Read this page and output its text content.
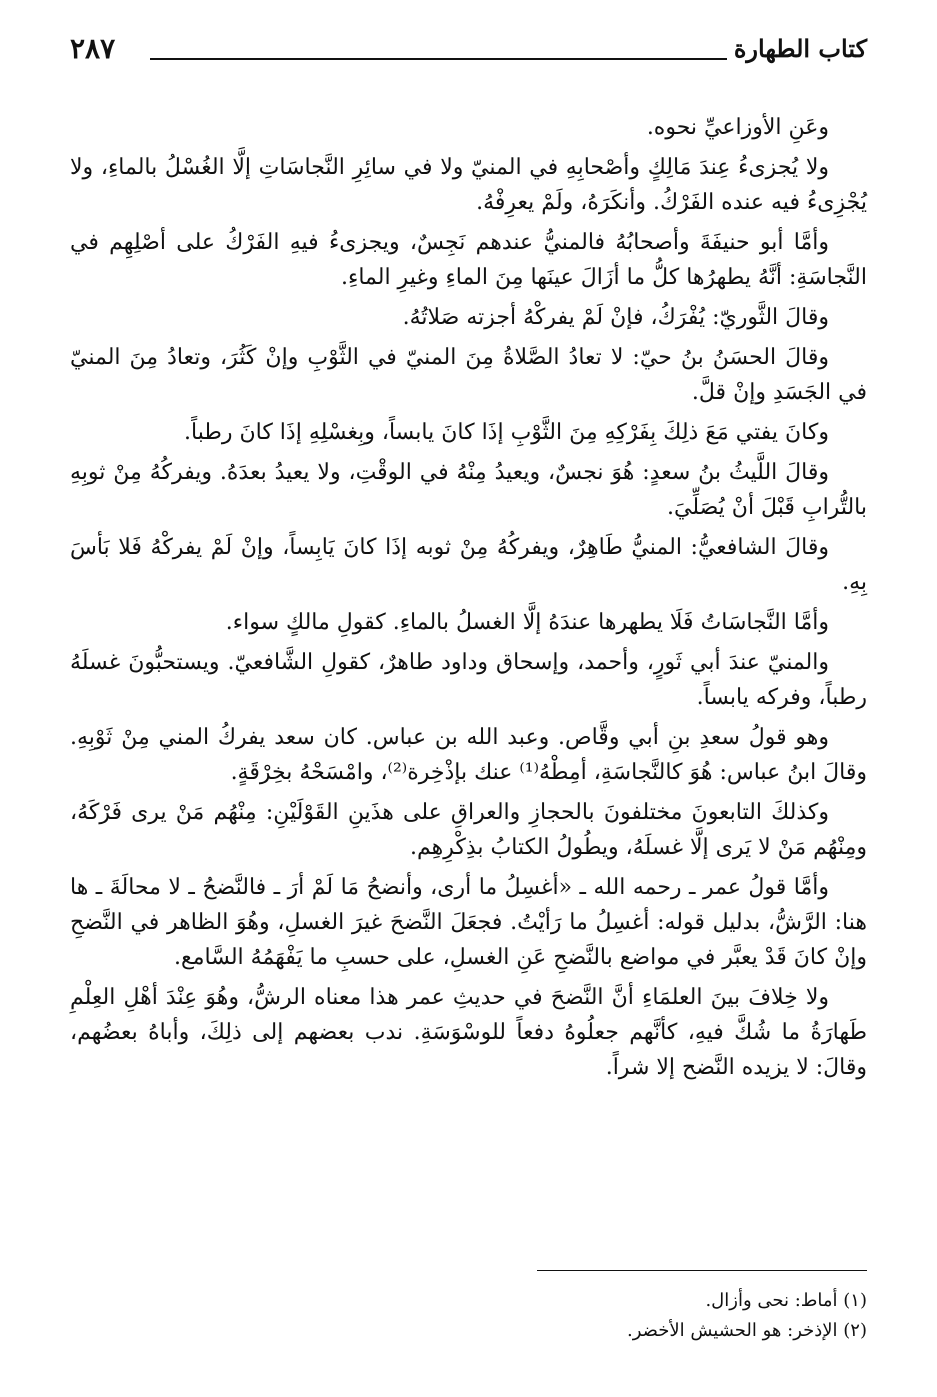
كتاب الطهارة
٢٨٧

وعَنِ الأوزاعيِّ نحوه.

ولا يُجزىءُ عِندَ مَالِكٍ وأصْحابِهِ في المنيّ ولا في سائِرِ النَّجاسَاتِ إلَّا الغُسْلُ بالماءِ، ولا يُجْزِىءُ فيه عنده الفَرْكُ. وأنكَرَهُ، ولَمْ يعرِفْهُ.

وأمَّا أبو حنيفَةَ وأصحابُهُ فالمنيُّ عندهم نَجِسٌ، ويجزىءُ فيهِ الفَرْكُ على أصْلِهِم في النَّجاسَةِ: أنَّهُ يطهرُها كلُّ ما أزَالَ عينَها مِنَ الماءِ وغيرِ الماءِ.

وقالَ الثَّوريّ: يُفْرَكُ، فإنْ لَمْ يفركْهُ أجزته صَلاتُهُ.

وقالَ الحسَنُ بنُ حيّ: لا تعادُ الصَّلاةُ مِنَ المنيّ في الثَّوْبِ وإنْ كَثُرَ، وتعادُ مِنَ المنيّ في الجَسَدِ وإنْ قلَّ.

وكانَ يفتي مَعَ ذلِكَ بِفَرْكِهِ مِنَ الثَّوْبِ إذَا كانَ يابساً، وبِغسْلِهِ إذَا كانَ رطباً.

وقالَ اللَّيثُ بنُ سعدٍ: هُوَ نجسٌ، ويعيدُ مِنْهُ في الوقْتِ، ولا يعيدُ بعدَهُ. ويفركُهُ مِنْ ثوبِهِ بالتُّرابِ قَبْلَ أنْ يُصَلِّيَ.

وقالَ الشافعيُّ: المنيُّ طَاهِرٌ، ويفركُهُ مِنْ ثوبه إذَا كانَ يَابِساً، وإنْ لَمْ يفركْهُ فَلا بَأسَ بِهِ.

وأمَّا النَّجاسَاتُ فَلَا يطهرها عندَهُ إلَّا الغسلُ بالماءِ. كقولِ مالكٍ سواء.

والمنيّ عندَ أبي ثَورٍ، وأحمد، وإسحاق وداود طاهرٌ، كقولِ الشَّافعيّ. ويستحبُّونَ غسلَهُ رطباً، وفركه يابساً.

وهو قولُ سعدِ بنِ أبي وقَّاص. وعبد الله بن عباس. كان سعد يفركُ المني مِنْ ثَوْبِهِ. وقالَ ابنُ عباس: هُوَ كالنَّجاسَةِ، أمِطْهُ⁽¹⁾ عنك بإذْخِرة⁽²⁾، وامْسَحْهُ بخِرْقَةٍ.

وكذلكَ التابعونَ مختلفونَ بالحجازِ والعراقِ على هذَينِ القَوْلَيْنِ: مِنْهُم مَنْ يرى فَرْكَهُ، ومِنْهُم مَنْ لا يَرى إلَّا غسلَهُ، ويطُولُ الكتابُ بذِكْرِهِم.

وأمَّا قولُ عمر ـ رحمه الله ـ «أغسِلُ ما أرى، وأنضحُ مَا لَمْ أرَ ـ فالنَّضحُ ـ لا محالَةَ ـ ها هنا: الرَّشُّ، بدليل قوله: أغسِلُ ما رَأيْتُ. فجعَلَ النَّضحَ غيرَ الغسلِ، وهُوَ الظاهر في النَّضحِ وإنْ كانَ قَدْ يعبَّر في مواضع بالنَّضحِ عَنِ الغسلِ، على حسبِ ما يَفْهَمُهُ السَّامع.

ولا خِلافَ بينَ العلمَاءِ أنَّ النَّضحَ في حديثِ عمر هذا معناه الرشُّ، وهُوَ عِنْدَ أهْلِ العِلْمِ طَهارَةُ ما شُكَّ فيهِ، كأنَّهم جعلُوهُ دفعاً للوسْوَسَةِ. ندب بعضهم إلى ذلِكَ، وأباهُ بعضُهم، وقالَ: لا يزيده النَّضح إلا شراً.

(١) أماط: نحى وأزال.

(٢) الإذخر: هو الحشيش الأخضر.
